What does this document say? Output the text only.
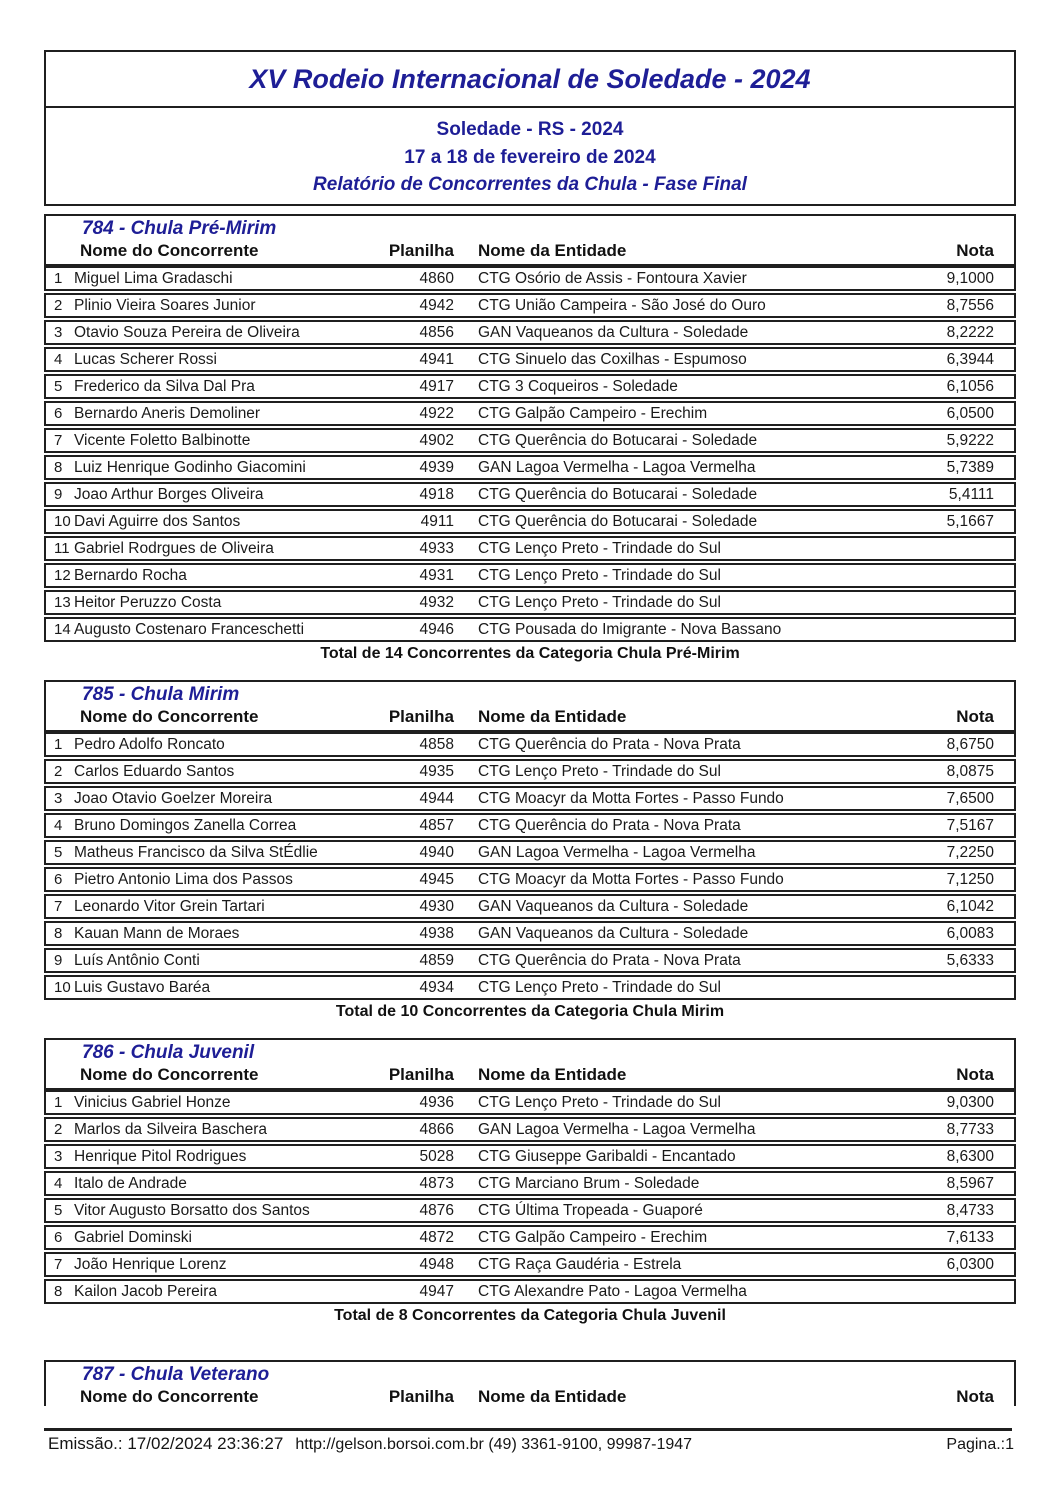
XV Rodeio Internacional de Soledade - 2024
Soledade - RS - 2024
17 a 18 de fevereiro de 2024
Relatório de Concorrentes da Chula - Fase Final
784 - Chula Pré-Mirim
Nome do Concorrente	Planilha Nome da Entidade	Nota
1 Miguel Lima Gradaschi	4860 CTG Osório de Assis - Fontoura Xavier	9,1000
2 Plinio Vieira Soares Junior	4942 CTG União Campeira - São José do Ouro	8,7556
3 Otavio Souza Pereira de Oliveira	4856 GAN Vaqueanos da Cultura - Soledade	8,2222
4 Lucas Scherer Rossi	4941 CTG Sinuelo das Coxilhas - Espumoso	6,3944
5 Frederico da Silva Dal Pra	4917 CTG 3 Coqueiros - Soledade	6,1056
6 Bernardo Aneris Demoliner	4922 CTG Galpão Campeiro - Erechim	6,0500
7 Vicente Foletto Balbinotte	4902 CTG Querência do Botucarai - Soledade	5,9222
8 Luiz Henrique Godinho Giacomini	4939 GAN Lagoa Vermelha - Lagoa Vermelha	5,7389
9 Joao Arthur Borges Oliveira	4918 CTG Querência do Botucarai - Soledade	5,4111
10 Davi Aguirre dos Santos	4911 CTG Querência do Botucarai - Soledade	5,1667
11 Gabriel Rodrgues de Oliveira	4933 CTG Lenço Preto - Trindade do Sul
12 Bernardo Rocha	4931 CTG Lenço Preto - Trindade do Sul
13 Heitor Peruzzo Costa	4932 CTG Lenço Preto - Trindade do Sul
14 Augusto Costenaro Franceschetti	4946 CTG Pousada do Imigrante - Nova Bassano
Total de 14 Concorrentes da Categoria Chula Pré-Mirim
785 - Chula Mirim
Nome do Concorrente	Planilha Nome da Entidade	Nota
1 Pedro Adolfo Roncato	4858 CTG Querência do Prata - Nova Prata	8,6750
2 Carlos Eduardo Santos	4935 CTG Lenço Preto - Trindade do Sul	8,0875
3 Joao Otavio Goelzer Moreira	4944 CTG Moacyr da Motta Fortes - Passo Fundo	7,6500
4 Bruno Domingos Zanella Correa	4857 CTG Querência do Prata - Nova Prata	7,5167
5 Matheus Francisco da Silva StÉdlie	4940 GAN Lagoa Vermelha - Lagoa Vermelha	7,2250
6 Pietro Antonio Lima dos Passos	4945 CTG Moacyr da Motta Fortes - Passo Fundo	7,1250
7 Leonardo Vitor Grein Tartari	4930 GAN Vaqueanos da Cultura - Soledade	6,1042
8 Kauan Mann de Moraes	4938 GAN Vaqueanos da Cultura - Soledade	6,0083
9 Luís Antônio Conti	4859 CTG Querência do Prata - Nova Prata	5,6333
10 Luis Gustavo Baréa	4934 CTG Lenço Preto - Trindade do Sul
Total de 10 Concorrentes da Categoria Chula Mirim
786 - Chula Juvenil
Nome do Concorrente	Planilha Nome da Entidade	Nota
1 Vinicius Gabriel Honze	4936 CTG Lenço Preto - Trindade do Sul	9,0300
2 Marlos da Silveira Baschera	4866 GAN Lagoa Vermelha - Lagoa Vermelha	8,7733
3 Henrique Pitol Rodrigues	5028 CTG Giuseppe Garibaldi - Encantado	8,6300
4 Italo de Andrade	4873 CTG Marciano Brum - Soledade	8,5967
5 Vitor Augusto Borsatto dos Santos	4876 CTG Última Tropeada - Guaporé	8,4733
6 Gabriel Dominski	4872 CTG Galpão Campeiro - Erechim	7,6133
7 João Henrique Lorenz	4948 CTG Raça Gaudéria - Estrela	6,0300
8 Kailon Jacob Pereira	4947 CTG Alexandre Pato - Lagoa Vermelha
Total de 8 Concorrentes da Categoria Chula Juvenil
787 - Chula Veterano
Nome do Concorrente	Planilha Nome da Entidade	Nota
Emissão.: 17/02/2024 23:36:27 http://gelson.borsoi.com.br (49) 3361-9100, 99987-1947	Pagina.:1
